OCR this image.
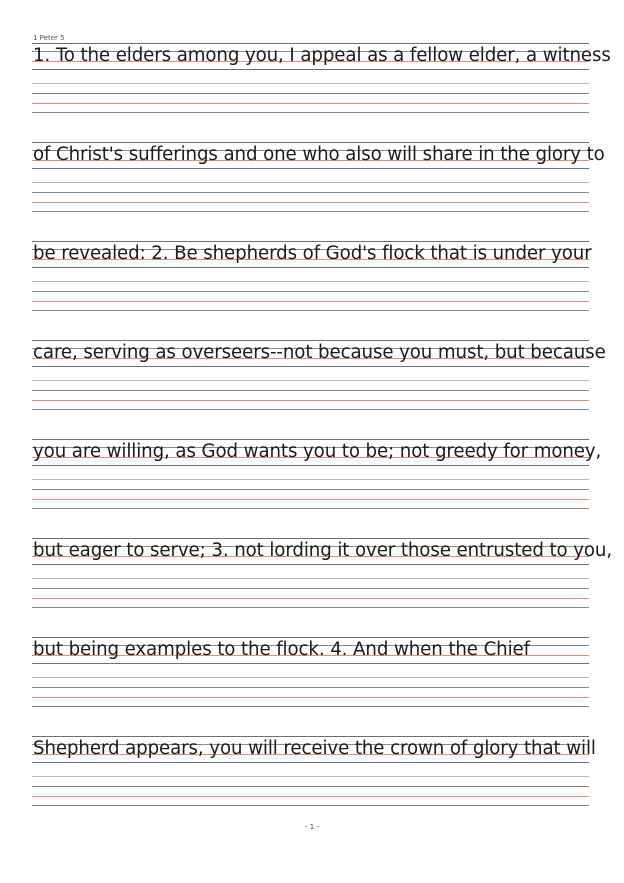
1 Peter 5
1. To the elders among you, I appeal as a fellow elder, a witness
of Christ's sufferings and one who also will share in the glory to
be revealed: 2. Be shepherds of God's flock that is under your
care, serving as overseers--not because you must, but because
you are willing, as God wants you to be; not greedy for money,
but eager to serve; 3. not lording it over those entrusted to you,
but being examples to the flock. 4. And when the Chief
Shepherd appears, you will receive the crown of glory that will
- 1 -
